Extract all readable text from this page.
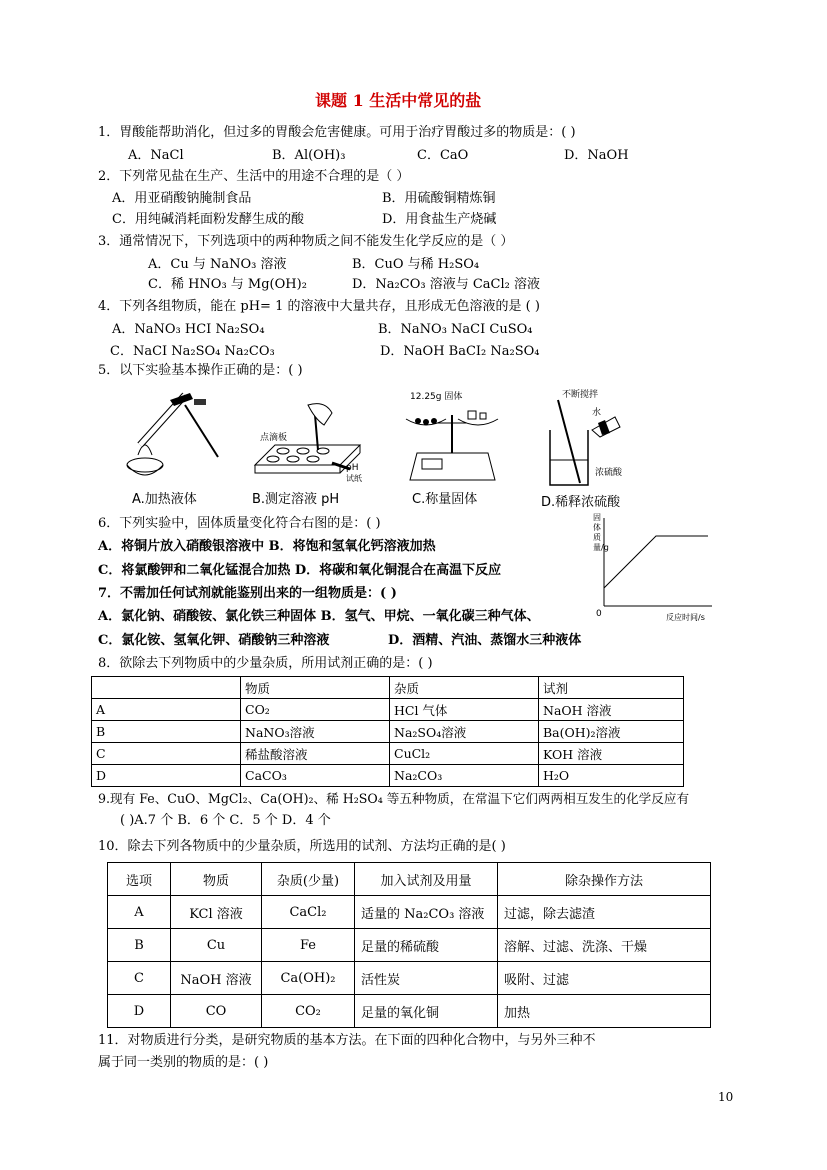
课题 1 生活中常见的盐
1．胃酸能帮助消化，但过多的胃酸会危害健康。可用于治疗胃酸过多的物质是：( )
A．NaCl	B．Al(OH)₃	C．CaO	D．NaOH
2．下列常见盐在生产、生活中的用途不合理的是（ ）
A．用亚硝酸钠腌制食品	B．用硫酸铜精炼铜
C．用纯碱消耗面粉发酵生成的酸	D．用食盐生产烧碱
3．通常情况下，下列选项中的两种物质之间不能发生化学反应的是（ ）
A．Cu 与 NaNO₃ 溶液	B．CuO 与稀 H₂SO₄
C．稀 HNO₃ 与 Mg(OH)₂	D．Na₂CO₃ 溶液与 CaCl₂ 溶液
4．下列各组物质，能在 pH= 1 的溶液中大量共存，且形成无色溶液的是 ( )
A．NaNO₃ HCI Na₂SO₄	B．NaNO₃ NaCI CuSO₄
C．NaCI Na₂SO₄ Na₂CO₃	D．NaOH BaCI₂ Na₂SO₄
5．以下实验基本操作正确的是：( )
点滴板
pH
试纸
12.25g 固体	不断搅拌
水
浓硫酸
A.加热液体	B.测定溶液 pH	C.称量固体	D.稀释浓硫酸
6．下列实验中，固体质量变化符合右图的是：( )
A．将铜片放入硝酸银溶液中 B．将饱和氢氧化钙溶液加热
C．将氯酸钾和二氧化锰混合加热 D．将碳和氧化铜混合在高温下反应
0	反应时间/s
固体质量/g
7．不需加任何试剂就能鉴别出来的一组物质是：( )
A．氯化钠、硝酸铵、氯化铁三种固体 B．氢气、甲烷、一氧化碳三种气体、
C．氯化铵、氢氧化钾、硝酸钠三种溶液	D．酒精、汽油、蒸馏水三种液体
8．欲除去下列物质中的少量杂质，所用试剂正确的是：( )
	物质	杂质	试剂
A	CO₂	HCl 气体	NaOH 溶液
B	NaNO₃溶液	Na₂SO₄溶液	Ba(OH)₂溶液
C	稀盐酸溶液	CuCl₂	KOH 溶液
D	CaCO₃	Na₂CO₃	H₂O
9.现有 Fe、CuO、MgCl₂、Ca(OH)₂、稀 H₂SO₄ 等五种物质，在常温下它们两两相互发生的化学反应有
( )A.7 个 B．6 个 C．5 个 D．4 个
10．除去下列各物质中的少量杂质，所选用的试剂、方法均正确的是( )
选项	物质	杂质(少量)	加入试剂及用量	除杂操作方法
A	KCl 溶液	CaCl₂	适量的 Na₂CO₃ 溶液	过滤，除去滤渣
B	Cu	Fe	足量的稀硫酸	溶解、过滤、洗涤、干燥
C	NaOH 溶液	Ca(OH)₂	活性炭	吸附、过滤
D	CO	CO₂	足量的氧化铜	加热
11．对物质进行分类，是研究物质的基本方法。在下面的四种化合物中，与另外三种不
属于同一类别的物质的是：( )
10
